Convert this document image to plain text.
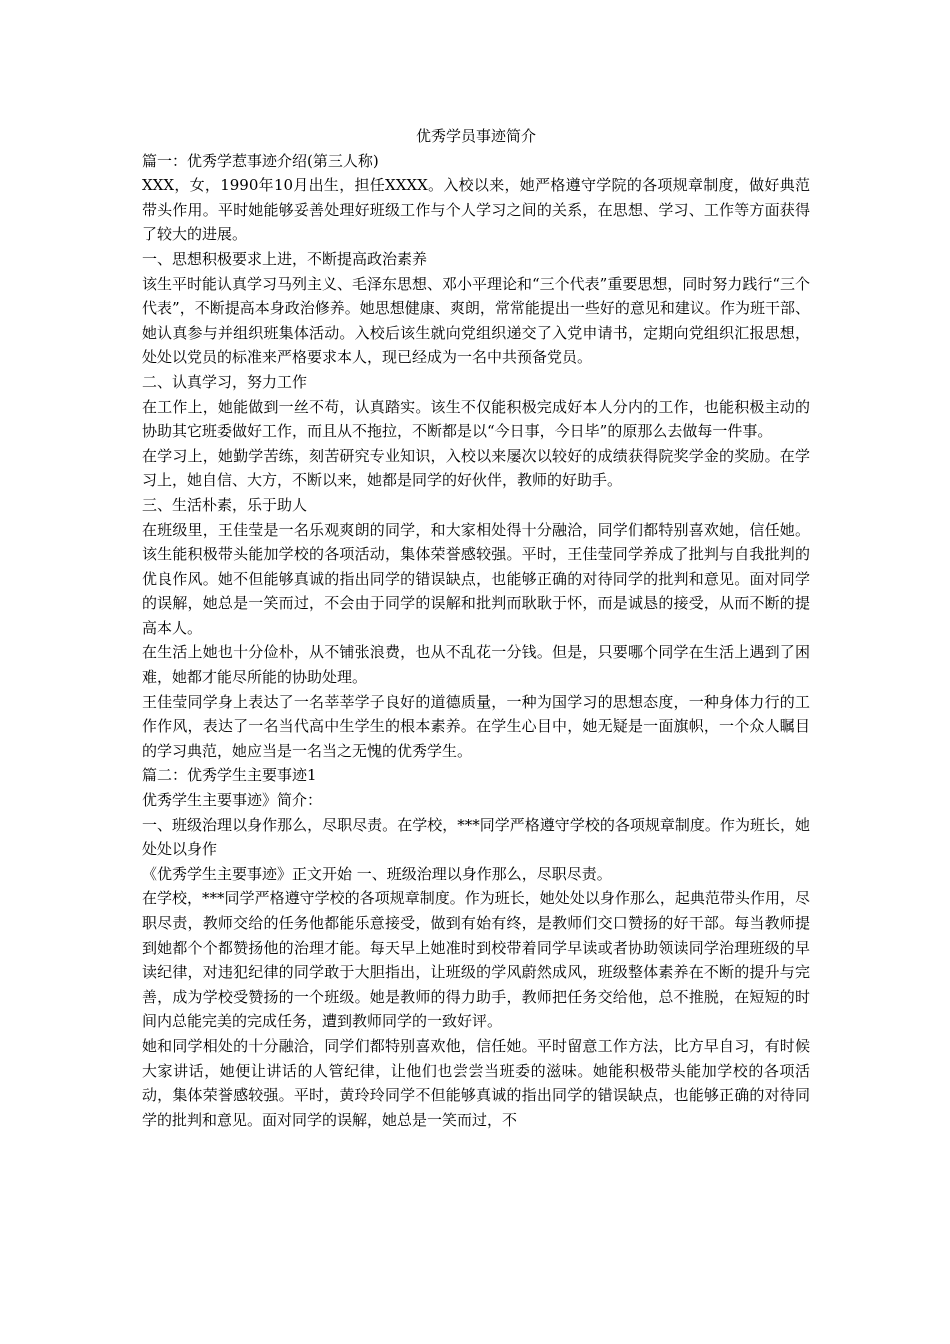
优秀学员事迹简介

篇一：优秀学惹事迹介绍(第三人称)

XXX，女，1990年10月出生，担任XXXX。入校以来，她严格遵守学院的各项规章制度，做好典范带头作用。平时她能够妥善处理好班级工作与个人学习之间的关系，在思想、学习、工作等方面获得了较大的进展。

一、思想积极要求上进，不断提高政治素养

该生平时能认真学习马列主义、毛泽东思想、邓小平理论和“三个代表”重要思想，同时努力践行“三个代表”，不断提高本身政治修养。她思想健康、爽朗，常常能提出一些好的意见和建议。作为班干部、她认真参与并组织班集体活动。入校后该生就向党组织递交了入党申请书，定期向党组织汇报思想，处处以党员的标准来严格要求本人，现已经成为一名中共预备党员。

二、认真学习，努力工作

在工作上，她能做到一丝不苟，认真踏实。该生不仅能积极完成好本人分内的工作，也能积极主动的协助其它班委做好工作，而且从不拖拉，不断都是以“今日事，今日毕”的原那么去做每一件事。

在学习上，她勤学苦练，刻苦研究专业知识，入校以来屡次以较好的成绩获得院奖学金的奖励。在学习上，她自信、大方，不断以来，她都是同学的好伙伴，教师的好助手。

三、生活朴素，乐于助人

在班级里，王佳莹是一名乐观爽朗的同学，和大家相处得十分融洽，同学们都特别喜欢她，信任她。该生能积极带头能加学校的各项活动，集体荣誉感较强。平时，王佳莹同学养成了批判与自我批判的优良作风。她不但能够真诚的指出同学的错误缺点，也能够正确的对待同学的批判和意见。面对同学的误解，她总是一笑而过，不会由于同学的误解和批判而耿耿于怀，而是诚恳的接受，从而不断的提高本人。

在生活上她也十分俭朴，从不铺张浪费，也从不乱花一分钱。但是，只要哪个同学在生活上遇到了困难，她都才能尽所能的协助处理。

王佳莹同学身上表达了一名莘莘学子良好的道德质量，一种为国学习的思想态度，一种身体力行的工作作风，表达了一名当代高中生学生的根本素养。在学生心目中，她无疑是一面旗帜，一个众人瞩目的学习典范，她应当是一名当之无愧的优秀学生。

篇二：优秀学生主要事迹1

优秀学生主要事迹》简介：

一、班级治理以身作那么，尽职尽责。在学校，***同学严格遵守学校的各项规章制度。作为班长，她处处以身作

《优秀学生主要事迹》正文开始 一、班级治理以身作那么，尽职尽责。

在学校，***同学严格遵守学校的各项规章制度。作为班长，她处处以身作那么，起典范带头作用，尽职尽责，教师交给的任务他都能乐意接受，做到有始有终，是教师们交口赞扬的好干部。每当教师提到她都个个都赞扬他的治理才能。每天早上她准时到校带着同学早读或者协助领读同学治理班级的早读纪律，对违犯纪律的同学敢于大胆指出，让班级的学风蔚然成风，班级整体素养在不断的提升与完善，成为学校受赞扬的一个班级。她是教师的得力助手，教师把任务交给他，总不推脱，在短短的时间内总能完美的完成任务，遭到教师同学的一致好评。

她和同学相处的十分融洽，同学们都特别喜欢他，信任她。平时留意工作方法，比方早自习，有时候大家讲话，她便让讲话的人管纪律，让他们也尝尝当班委的滋味。她能积极带头能加学校的各项活动，集体荣誉感较强。平时，黄玲玲同学不但能够真诚的指出同学的错误缺点，也能够正确的对待同学的批判和意见。面对同学的误解，她总是一笑而过，不
